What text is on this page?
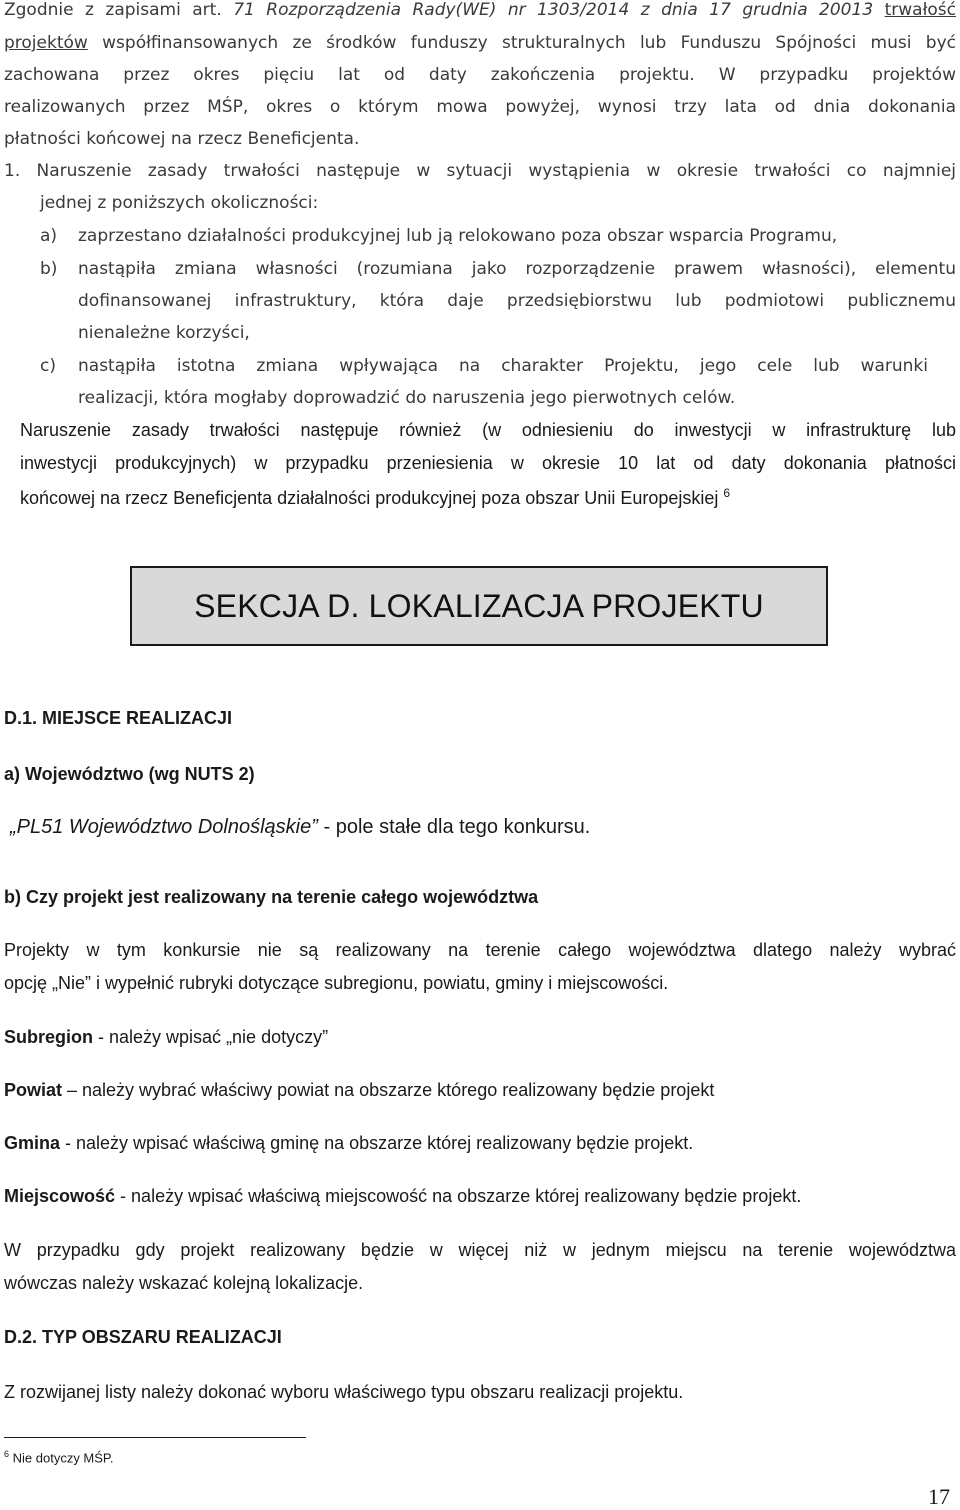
Zgodnie z zapisami art. 71 Rozporządzenia Rady(WE) nr 1303/2014 z dnia 17 grudnia 20013 trwałość
projektów współfinansowanych ze środków funduszy strukturalnych lub Funduszu Spójności musi być
zachowana przez okres pięciu lat od daty zakończenia projektu. W przypadku projektów
realizowanych przez MŚP, okres o którym mowa powyżej, wynosi trzy lata od dnia dokonania
płatności końcowej na rzecz Beneficjenta.
1. Naruszenie zasady trwałości następuje w sytuacji wystąpienia w okresie trwałości co najmniej
jednej z poniższych okoliczności:
a) zaprzestano działalności produkcyjnej lub ją relokowano poza obszar wsparcia Programu,
b) nastąpiła zmiana własności (rozumiana jako rozporządzenie prawem własności), elementu
dofinansowanej infrastruktury, która daje przedsiębiorstwu lub podmiotowi publicznemu
nienależne korzyści,
c) nastąpiła istotna zmiana wpływająca na charakter Projektu, jego cele lub warunki
realizacji, która mogłaby doprowadzić do naruszenia jego pierwotnych celów.
Naruszenie zasady trwałości następuje również (w odniesieniu do inwestycji w infrastrukturę lub
inwestycji produkcyjnych) w przypadku przeniesienia w okresie 10 lat od daty dokonania płatności
końcowej na rzecz Beneficjenta działalności produkcyjnej poza obszar Unii Europejskiej $^6$
SEKCJA D. LOKALIZACJA PROJEKTU
D.1. MIEJSCE REALIZACJI
a) Województwo (wg NUTS 2)
„PL51 Województwo Dolnośląskie” - pole stałe dla tego konkursu.
b) Czy projekt jest realizowany na terenie całego województwa
Projekty w tym konkursie nie są realizowany na terenie całego województwa dlatego należy wybrać
opcję „Nie” i wypełnić rubryki dotyczące subregionu, powiatu, gminy i miejscowości.
Subregion - należy wpisać „nie dotyczy”
Powiat – należy wybrać właściwy powiat na obszarze którego realizowany będzie projekt
Gmina - należy wpisać właściwą gminę na obszarze której realizowany będzie projekt.
Miejscowość - należy wpisać właściwą miejscowość na obszarze której realizowany będzie projekt.
W przypadku gdy projekt realizowany będzie w więcej niż w jednym miejscu na terenie województwa
wówczas należy wskazać kolejną lokalizacje.
D.2. TYP OBSZARU REALIZACJI
Z rozwijanej listy należy dokonać wyboru właściwego typu obszaru realizacji projektu.
$^6$ Nie dotyczy MŚP.
17
